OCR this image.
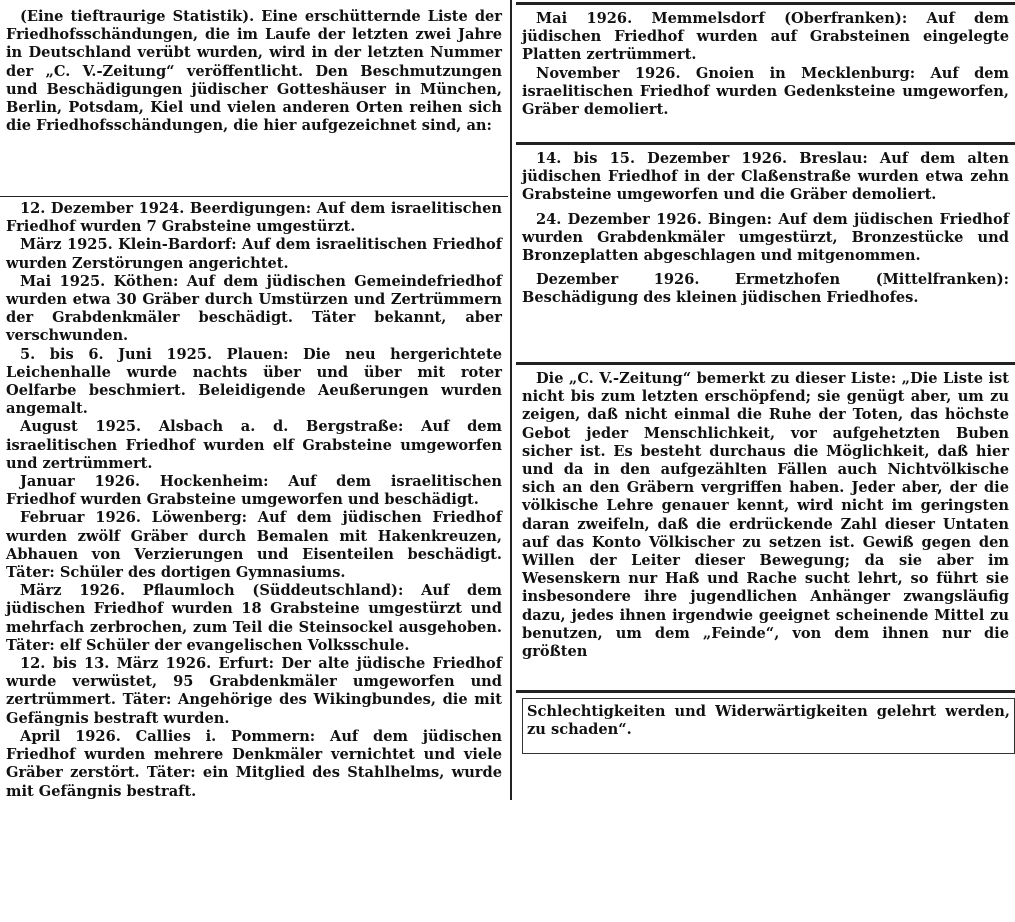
(Eine tieftraurige Statistik). Eine erschütternde Liste der Friedhofsschändungen, die im Laufe der letzten zwei Jahre in Deutschland verübt wurden, wird in der letzten Nummer der „C. V.-Zeitung“ veröffentlicht. Den Beschmutzungen und Beschädigungen jüdischer Gotteshäuser in München, Berlin, Potsdam, Kiel und vielen anderen Orten reihen sich die Friedhofsschändungen, die hier aufgezeichnet sind, an:

12. Dezember 1924. Beerdigungen: Auf dem israelitischen Friedhof wurden 7 Grabsteine umgestürzt.

März 1925. Klein-Bardorf: Auf dem israelitischen Friedhof wurden Zerstörungen angerichtet.

Mai 1925. Köthen: Auf dem jüdischen Gemeindefriedhof wurden etwa 30 Gräber durch Umstürzen und Zertrümmern der Grabdenkmäler beschädigt. Täter bekannt, aber verschwunden.

5. bis 6. Juni 1925. Plauen: Die neu hergerichtete Leichenhalle wurde nachts über und über mit roter Oelfarbe beschmiert. Beleidigende Aeußerungen wurden angemalt.

August 1925. Alsbach a. d. Bergstraße: Auf dem israelitischen Friedhof wurden elf Grabsteine umgeworfen und zertrümmert.

Januar 1926. Hockenheim: Auf dem israelitischen Friedhof wurden Grabsteine umgeworfen und beschädigt.

Februar 1926. Löwenberg: Auf dem jüdischen Friedhof wurden zwölf Gräber durch Bemalen mit Hakenkreuzen, Abhauen von Verzierungen und Eisenteilen beschädigt. Täter: Schüler des dortigen Gymnasiums.

März 1926. Pflaumloch (Süddeutschland): Auf dem jüdischen Friedhof wurden 18 Grabsteine umgestürzt und mehrfach zerbrochen, zum Teil die Steinsockel ausgehoben. Täter: elf Schüler der evangelischen Volksschule.

12. bis 13. März 1926. Erfurt: Der alte jüdische Friedhof wurde verwüstet, 95 Grabdenkmäler umgeworfen und zertrümmert. Täter: Angehörige des Wikingbundes, die mit Gefängnis bestraft wurden.

April 1926. Callies i. Pommern: Auf dem jüdischen Friedhof wurden mehrere Denkmäler vernichtet und viele Gräber zerstört. Täter: ein Mitglied des Stahlhelms, wurde mit Gefängnis bestraft.

Mai 1926. Memmelsdorf (Oberfranken): Auf dem jüdischen Friedhof wurden auf Grabsteinen eingelegte Platten zertrümmert.

November 1926. Gnoien in Mecklenburg: Auf dem israelitischen Friedhof wurden Gedenksteine umgeworfen, Gräber demoliert.

14. bis 15. Dezember 1926. Breslau: Auf dem alten jüdischen Friedhof in der Claßenstraße wurden etwa zehn Grabsteine umgeworfen und die Gräber demoliert.

24. Dezember 1926. Bingen: Auf dem jüdischen Friedhof wurden Grabdenkmäler umgestürzt, Bronzestücke und Bronzeplatten abgeschlagen und mitgenommen.

Dezember 1926. Ermetzhofen (Mittelfranken): Beschädigung des kleinen jüdischen Friedhofes.

Die „C. V.-Zeitung“ bemerkt zu dieser Liste: „Die Liste ist nicht bis zum letzten erschöpfend; sie genügt aber, um zu zeigen, daß nicht einmal die Ruhe der Toten, das höchste Gebot jeder Menschlichkeit, vor aufgehetzten Buben sicher ist. Es besteht durchaus die Möglichkeit, daß hier und da in den aufgezählten Fällen auch Nichtvölkische sich an den Gräbern vergriffen haben. Jeder aber, der die völkische Lehre genauer kennt, wird nicht im geringsten daran zweifeln, daß die erdrückende Zahl dieser Untaten auf das Konto Völkischer zu setzen ist. Gewiß gegen den Willen der Leiter dieser Bewegung; da sie aber im Wesenskern nur Haß und Rache sucht lehrt, so führt sie insbesondere ihre jugendlichen Anhänger zwangsläufig dazu, jedes ihnen irgendwie geeignet scheinende Mittel zu benutzen, um dem „Feinde“, von dem ihnen nur die größten

Schlechtigkeiten und Widerwärtigkeiten gelehrt werden, zu schaden“.
